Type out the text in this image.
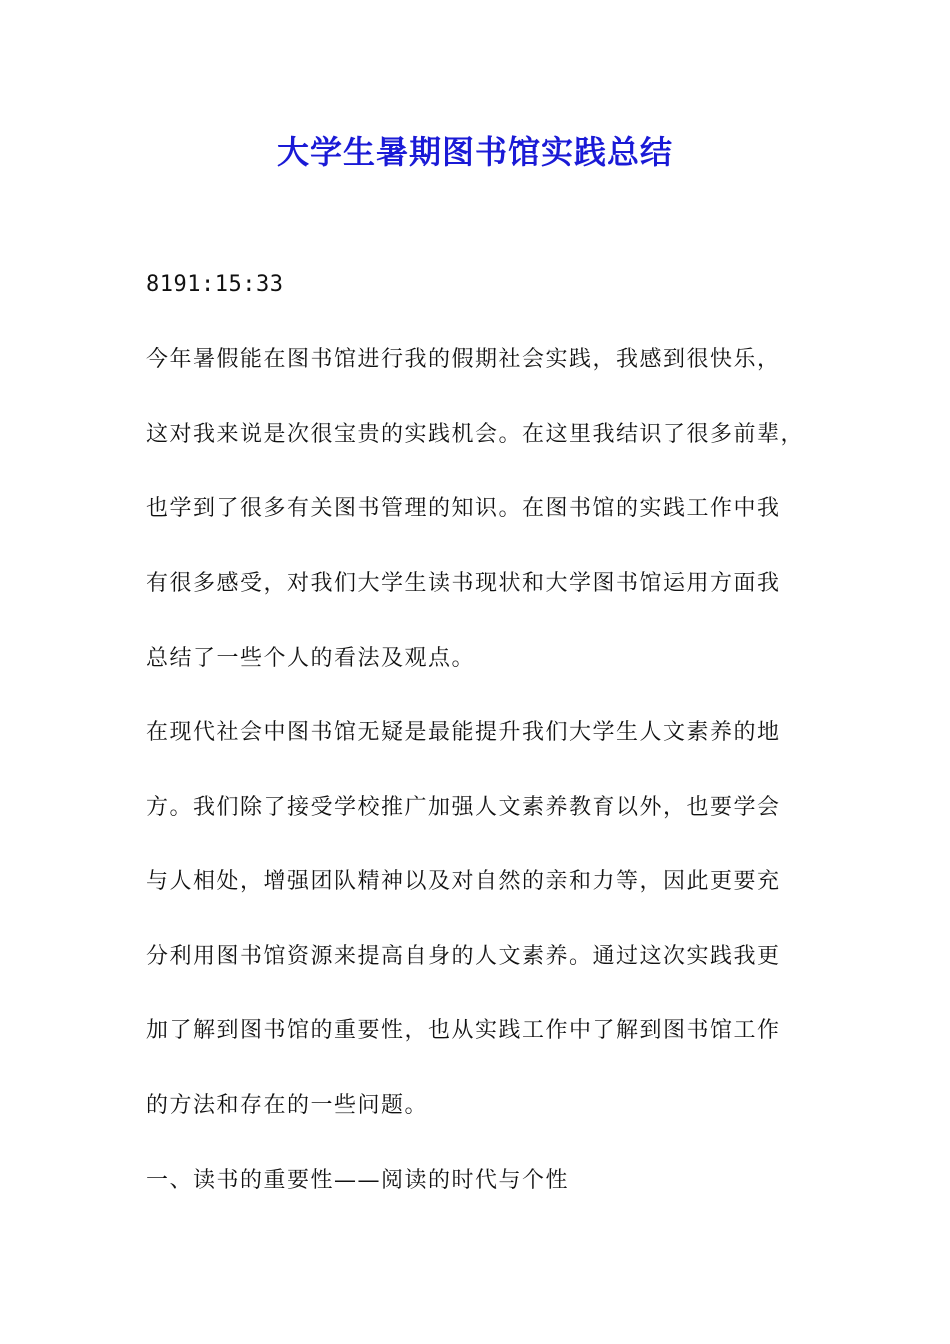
大学生暑期图书馆实践总结
8191:15:33
今年暑假能在图书馆进行我的假期社会实践，我感到很快乐，
这对我来说是次很宝贵的实践机会。在这里我结识了很多前辈，
也学到了很多有关图书管理的知识。在图书馆的实践工作中我
有很多感受，对我们大学生读书现状和大学图书馆运用方面我
总结了一些个人的看法及观点。
在现代社会中图书馆无疑是最能提升我们大学生人文素养的地
方。我们除了接受学校推广加强人文素养教育以外，也要学会
与人相处，增强团队精神以及对自然的亲和力等，因此更要充
分利用图书馆资源来提高自身的人文素养。通过这次实践我更
加了解到图书馆的重要性，也从实践工作中了解到图书馆工作
的方法和存在的一些问题。
一、读书的重要性——阅读的时代与个性
